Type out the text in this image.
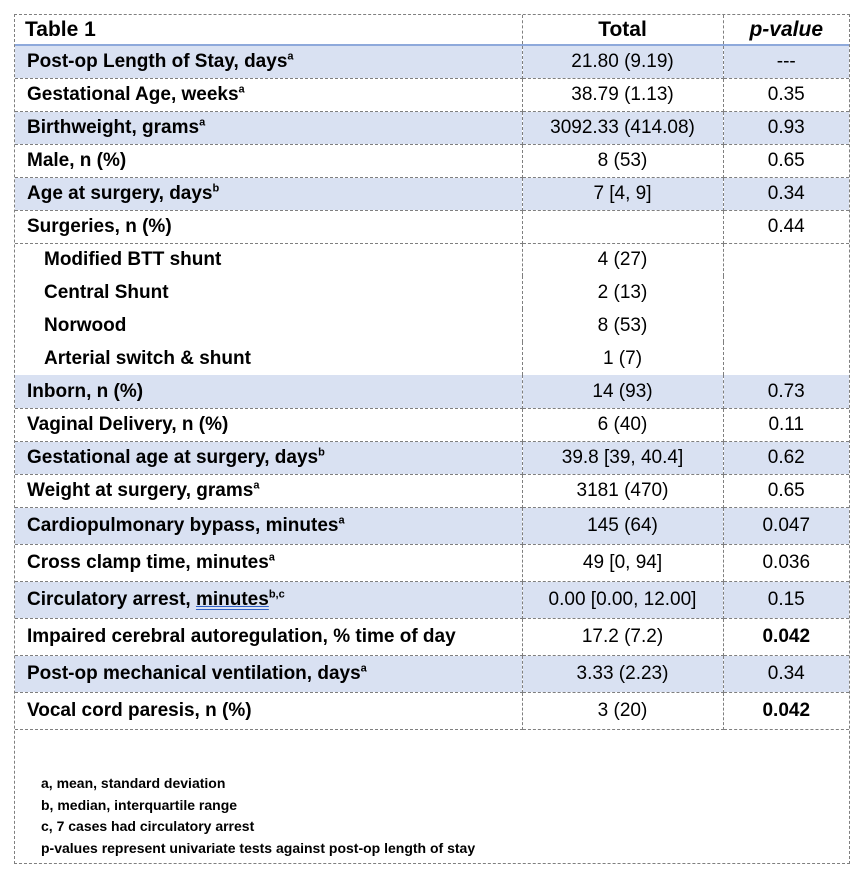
Table 1	Total	p-value
Post-op Length of Stay, days$^a$	21.80 (9.19)	---
Gestational Age, weeks$^a$	38.79 (1.13)	0.35
Birthweight, grams$^a$	3092.33 (414.08)	0.93
Male, n (%)	8 (53)	0.65
Age at surgery, days$^b$	7 [4, 9]	0.34
Surgeries, n (%)		0.44
Modified BTT shunt	4 (27)	
Central Shunt	2 (13)	
Norwood	8 (53)	
Arterial switch & shunt	1 (7)	
Inborn, n (%)	14 (93)	0.73
Vaginal Delivery, n (%)	6 (40)	0.11
Gestational age at surgery, days$^b$	39.8 [39, 40.4]	0.62
Weight at surgery, grams$^a$	3181 (470)	0.65
Cardiopulmonary bypass, minutes$^a$	145 (64)	0.047
Cross clamp time, minutes$^a$	49 [0, 94]	0.036
Circulatory arrest, minutes$^{b,c}$	0.00 [0.00, 12.00]	0.15
Impaired cerebral autoregulation, % time of day	17.2 (7.2)	0.042
Post-op mechanical ventilation, days$^a$	3.33 (2.23)	0.34
Vocal cord paresis, n (%)	3 (20)	0.042
a, mean, standard deviation
b, median, interquartile range
c, 7 cases had circulatory arrest
p-values represent univariate tests against post-op length of stay
